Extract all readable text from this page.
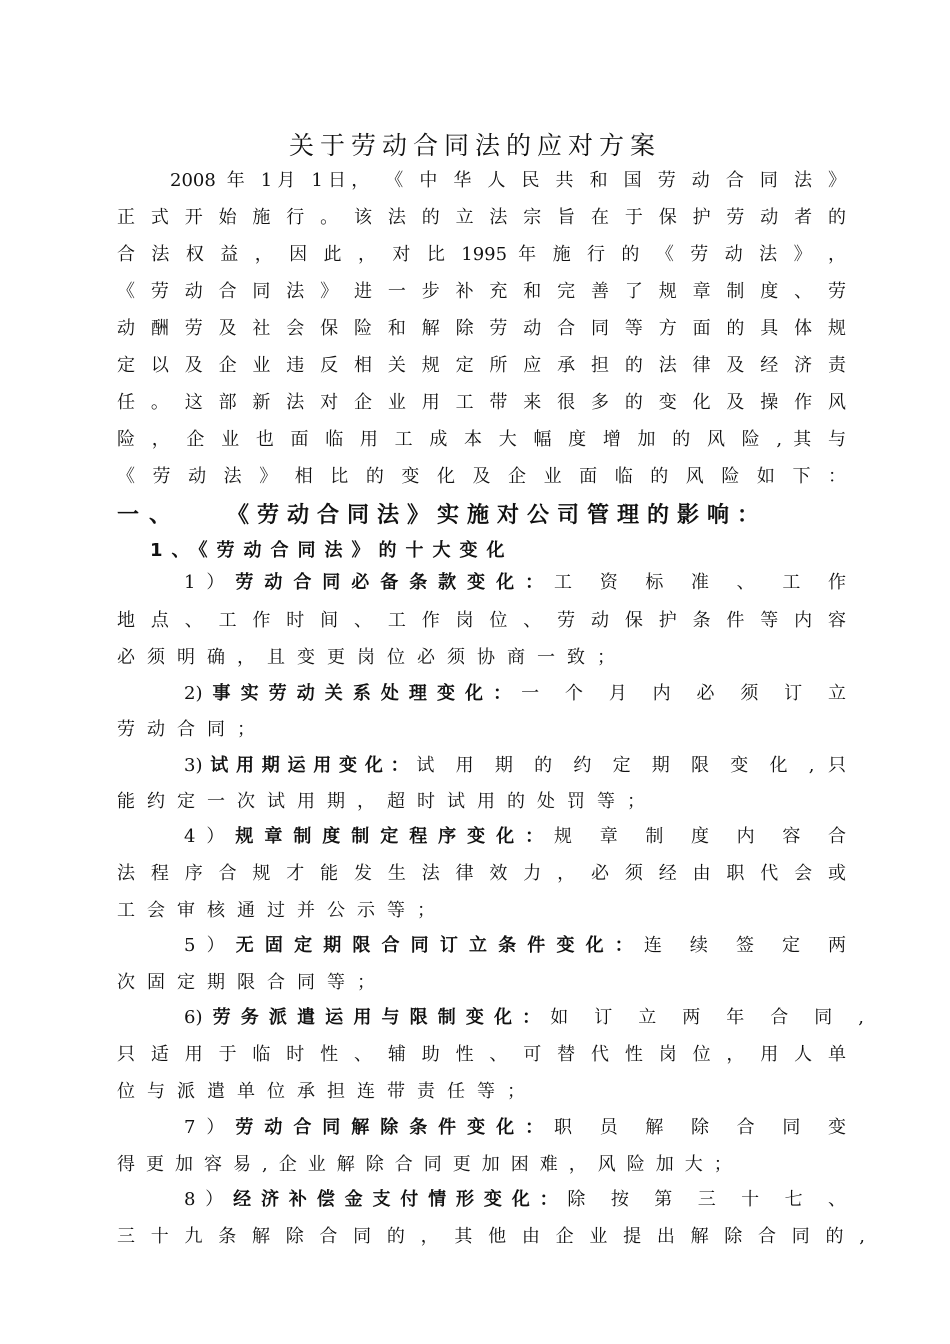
关于劳动合同法的应对方案

2008 年 1月 1日， 《 中 华 人 民 共 和 国 劳 动 合 同 法 》

正 式 开 始 施 行 。 该 法 的 立 法 宗 旨 在 于 保 护 劳 动 者 的

合 法 权 益 ， 因 此 ， 对 比 1995 年 施 行 的 《 劳 动 法 》 ，

《 劳 动 合 同 法 》 进 一 步 补 充 和 完 善 了 规 章 制 度 、 劳

动 酬 劳 及 社 会 保 险 和 解 除 劳 动 合 同 等 方 面 的 具 体 规

定 以 及 企 业 违 反 相 关 规 定 所 应 承 担 的 法 律 及 经 济 责

任 。 这 部 新 法 对 企 业 用 工 带 来 很 多 的 变 化 及 操 作 风

险 ， 企 业 也 面 临 用 工 成 本 大 幅 度 增 加 的 风 险 , 其 与

《 劳 动 法 》 相 比 的 变 化 及 企 业 面 临 的 风 险 如 下 ：

一、 《劳动合同法》实施对公司管理的影响：
1、《劳动合同法》的十大变化

1）劳动合同必备条款变化：工 资 标 准 、 工 作

地 点 、 工 作 时 间 、 工 作 岗 位 、 劳 动 保 护 条 件 等 内 容

必须明确，且变更岗位必须协商一致；

2)事实劳动关系处理变化：一 个 月 内 必 须 订 立

劳动合同；

3)试用期运用变化：试 用 期 的 约 定 期 限 变 化 , 只

能约定一次试用期，超时试用的处罚等；

4）规章制度制定程序变化：规 章 制 度 内 容 合

法 程 序 合 规 才 能 发 生 法 律 效 力 ， 必 须 经 由 职 代 会 或

工会审核通过并公示等；

5）无固定期限合同订立条件变化：连 续 签 定 两

次固定期限合同等；

6)劳务派遣运用与限制变化：如 订 立 两 年 合 同 ,

只 适 用 于 临 时 性 、 辅 助 性 、 可 替 代 性 岗 位 ， 用 人 单

位与派遣单位承担连带责任等；

7）劳动合同解除条件变化：职 员 解 除 合 同 变

得更加容易,企业解除合同更加困难，风险加大；

8）经济补偿金支付情形变化：除 按 第 三 十 七 、

三 十 九 条 解 除 合 同 的 ， 其 他 由 企 业 提 出 解 除 合 同 的 ,
